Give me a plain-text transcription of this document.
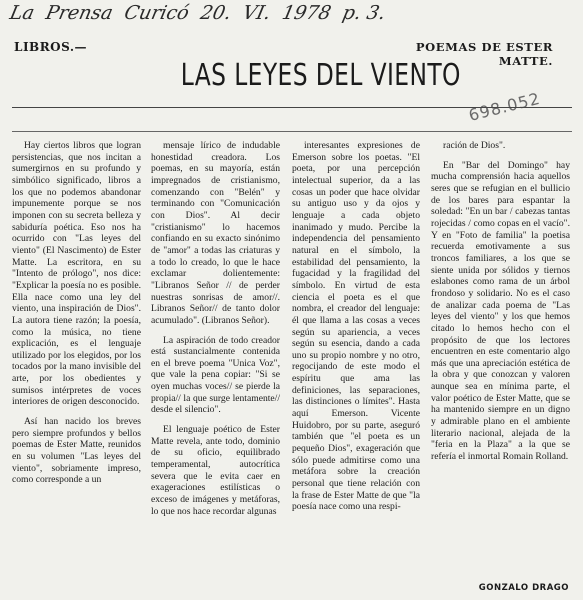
La Prensa Curicó 20. VI. 1978 p. 3.
LIBROS.—	POEMAS DE ESTER MATTE.
LAS LEYES DEL VIENTO
698.052

Hay ciertos libros que logran persistencias, que nos incitan a sumergirnos en su profundo y simbólico significado, libros a los que no podemos abandonar impunemente porque se nos imponen con su secreta belleza y sabiduría poética. Eso nos ha ocurrido con "Las leyes del viento" (El Nascimento) de Ester Matte. La escritora, en su "Intento de prólogo", nos dice: "Explicar la poesía no es posible. Ella nace como una ley del viento, una inspiración de Dios". La autora tiene razón; la poesía, como la música, no tiene explicación, es el lenguaje utilizado por los elegidos, por los tocados por la mano invisible del arte, por los obedientes y sumisos intérpretes de voces interiores de origen desconocido.

Así han nacido los breves pero siempre profundos y bellos poemas de Ester Matte, reunidos en su volumen "Las leyes del viento", sobriamente impreso, como corresponde a un

mensaje lírico de indudable honestidad creadora. Los poemas, en su mayoría, están impregnados de cristianismo, comenzando con "Belén" y terminando con "Comunicación con Dios". Al decir "cristianismo" lo hacemos confiando en su exacto sinónimo de "amor" a todas las criaturas y a todo lo creado, lo que le hace exclamar dolientemente: "Libranos Señor // de perder nuestras sonrisas de amor//. Libranos Señor// de tanto dolor acumulado". (Libranos Señor).

La aspiración de todo creador está sustancialmente contenida en el breve poema "Unica Voz", que vale la pena copiar: "Si se oyen muchas voces// se pierde la propia// la que surge lentamente// desde el silencio".

El lenguaje poético de Ester Matte revela, ante todo, dominio de su oficio, equilibrado temperamental, autocrítica severa que le evita caer en exageraciones estilísticas o exceso de imágenes y metáforas, lo que nos hace recordar algunas

interesantes expresiones de Emerson sobre los poetas. "El poeta, por una percepción intelectual superior, da a las cosas un poder que hace olvidar su antiguo uso y da ojos y lenguaje a cada objeto inanimado y mudo. Percibe la independencia del pensamiento natural en el símbolo, la estabilidad del pensamiento, la fugacidad y la fragilidad del símbolo. En virtud de esta ciencia el poeta es el que nombra, el creador del lenguaje: él que llama a las cosas a veces según su apariencia, a veces según su esencia, dando a cada uno su propio nombre y no otro, regocijando de este modo el espíritu que ama las definiciones, las separaciones, las distinciones o límites". Hasta aquí Emerson. Vicente Huidobro, por su parte, aseguró también que "el poeta es un pequeño Dios", exageración que sólo puede admitirse como una metáfora sobre la creación personal que tiene relación con la frase de Ester Matte de que "la poesía nace como una respi-

ración de Dios".

En "Bar del Domingo" hay mucha comprensión hacia aquellos seres que se refugian en el bullicio de los bares para espantar la soledad: "En un bar / cabezas tantas rojecidas / como copas en el vacío". Y en "Foto de familia" la poetisa recuerda emotivamente a sus troncos familiares, a los que se siente unida por sólidos y tiernos eslabones como rama de un árbol frondoso y solidario. No es el caso de analizar cada poema de "Las leyes del viento" y los que hemos citado lo hemos hecho con el propósito de que los lectores encuentren en este comentario algo más que una apreciación estética de la obra y que conozcan y valoren aunque sea en mínima parte, el valor poético de Ester Matte, que se ha mantenido siempre en un digno y admirable plano en el ambiente literario nacional, alejada de la "feria en la Plaza" a la que se refería el inmortal Romain Rolland.

GONZALO DRAGO
